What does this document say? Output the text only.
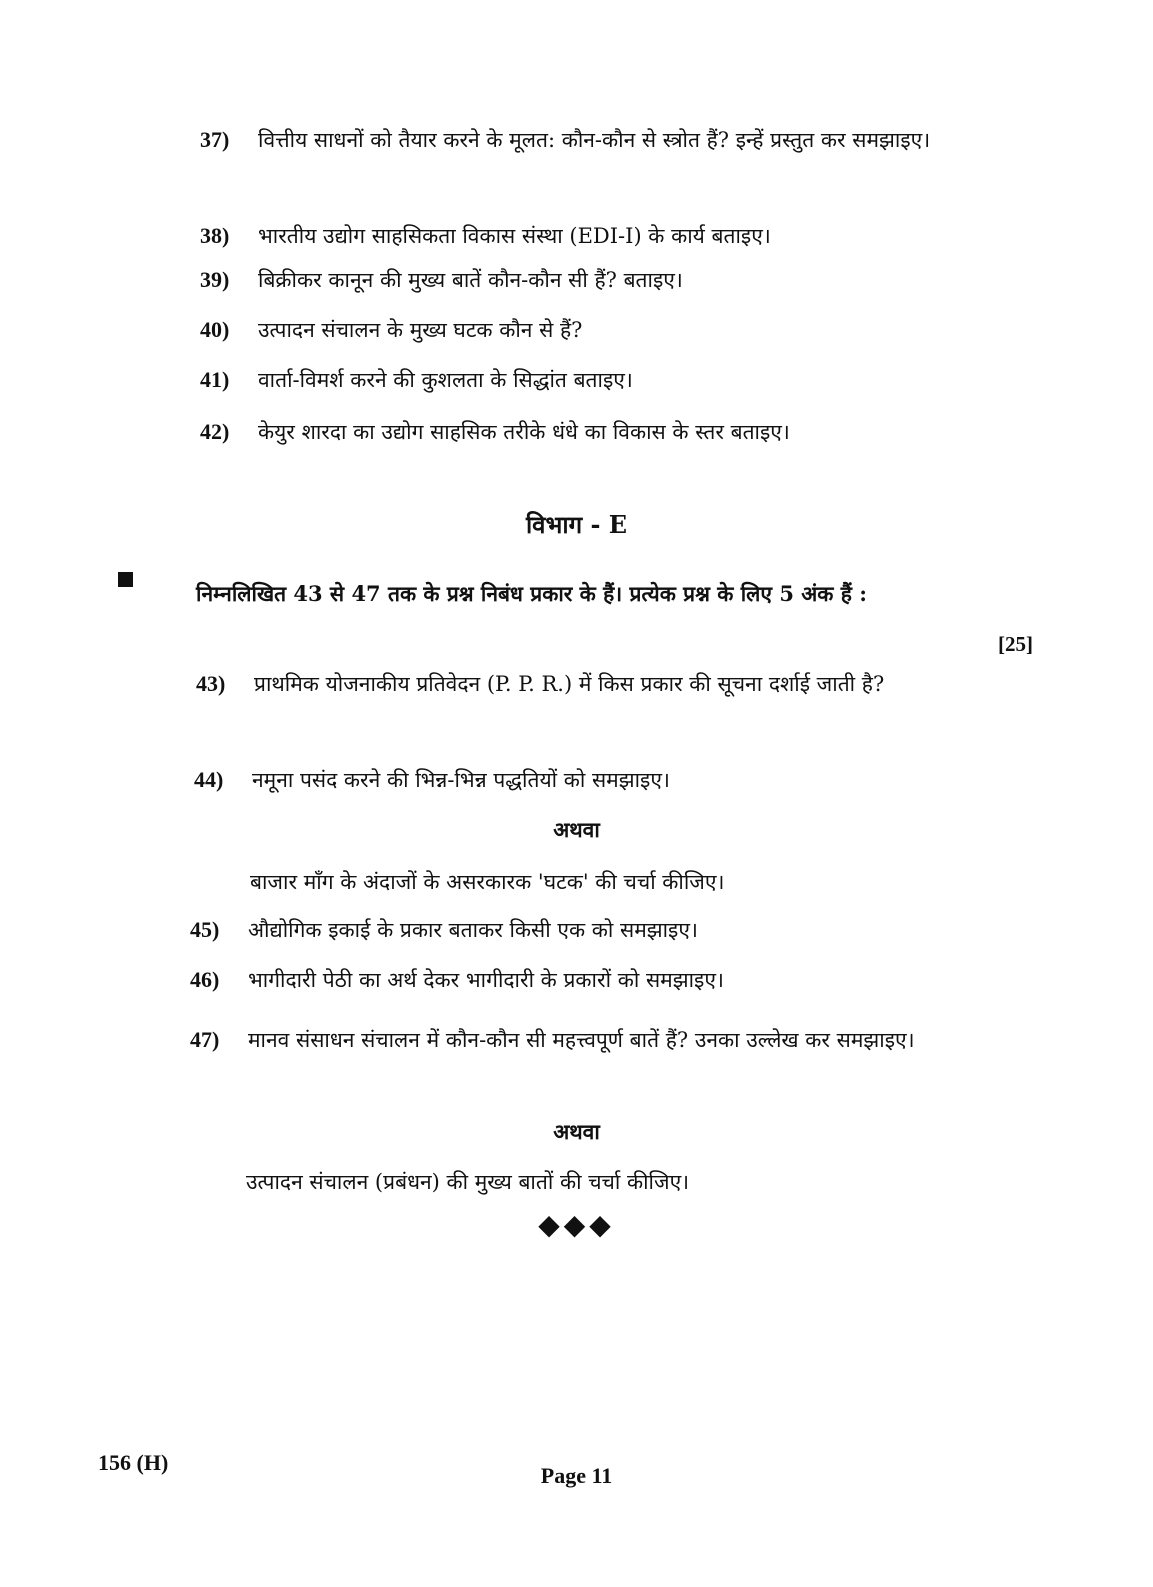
37)	वित्तीय साधनों को तैयार करने के मूलत: कौन-कौन से स्त्रोत हैं? इन्हें प्रस्तुत कर समझाइए।
38)	भारतीय उद्योग साहसिकता विकास संस्था (EDI-I) के कार्य बताइए।
39)	बिक्रीकर कानून की मुख्य बातें कौन-कौन सी हैं? बताइए।
40)	उत्पादन संचालन के मुख्य घटक कौन से हैं?
41)	वार्ता-विमर्श करने की कुशलता के सिद्धांत बताइए।
42)	केयुर शारदा का उद्योग साहसिक तरीके धंधे का विकास के स्तर बताइए।
विभाग - E
निम्नलिखित 43 से 47 तक के प्रश्न निबंध प्रकार के हैं। प्रत्येक प्रश्न के लिए 5 अंक हैं :
[25]
43)	प्राथमिक योजनाकीय प्रतिवेदन (P. P. R.) में किस प्रकार की सूचना दर्शाई जाती है?
44)	नमूना पसंद करने की भिन्न-भिन्न पद्धतियों को समझाइए।
अथवा
बाजार माँग के अंदाजों के असरकारक 'घटक' की चर्चा कीजिए।
45)	औद्योगिक इकाई के प्रकार बताकर किसी एक को समझाइए।
46)	भागीदारी पेठी का अर्थ देकर भागीदारी के प्रकारों को समझाइए।
47)	मानव संसाधन संचालन में कौन-कौन सी महत्त्वपूर्ण बातें हैं? उनका उल्लेख कर समझाइए।
अथवा
उत्पादन संचालन (प्रबंधन) की मुख्य बातों की चर्चा कीजिए।
◆◆◆
156 (H)
Page 11
